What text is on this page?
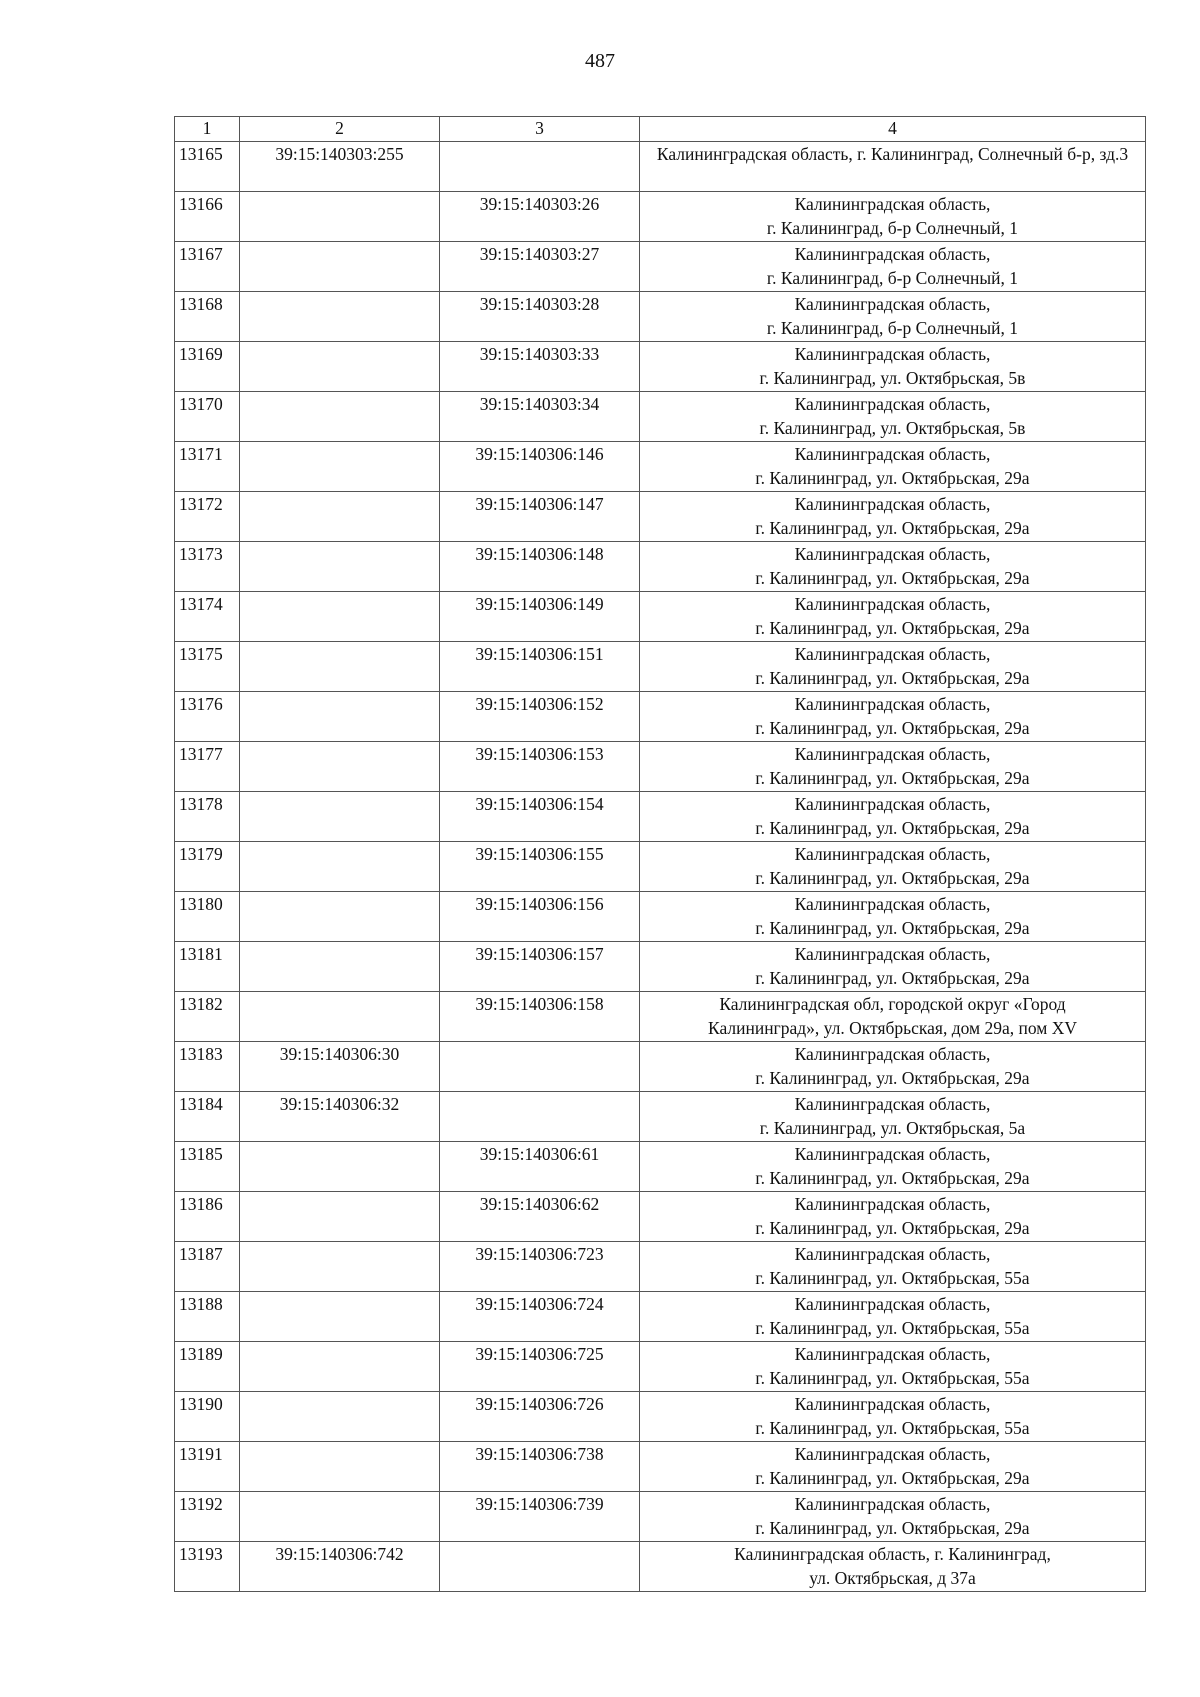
487
1	2	3	4
13165	39:15:140303:255		Калининградская область, г. Калининград, Солнечный б-р, зд.3
13166		39:15:140303:26	Калининградская область,
г. Калининград, б-р Солнечный, 1
13167		39:15:140303:27	Калининградская область,
г. Калининград, б-р Солнечный, 1
13168		39:15:140303:28	Калининградская область,
г. Калининград, б-р Солнечный, 1
13169		39:15:140303:33	Калининградская область,
г. Калининград, ул. Октябрьская, 5в
13170		39:15:140303:34	Калининградская область,
г. Калининград, ул. Октябрьская, 5в
13171		39:15:140306:146	Калининградская область,
г. Калининград, ул. Октябрьская, 29а
13172		39:15:140306:147	Калининградская область,
г. Калининград, ул. Октябрьская, 29а
13173		39:15:140306:148	Калининградская область,
г. Калининград, ул. Октябрьская, 29а
13174		39:15:140306:149	Калининградская область,
г. Калининград, ул. Октябрьская, 29а
13175		39:15:140306:151	Калининградская область,
г. Калининград, ул. Октябрьская, 29а
13176		39:15:140306:152	Калининградская область,
г. Калининград, ул. Октябрьская, 29а
13177		39:15:140306:153	Калининградская область,
г. Калининград, ул. Октябрьская, 29а
13178		39:15:140306:154	Калининградская область,
г. Калининград, ул. Октябрьская, 29а
13179		39:15:140306:155	Калининградская область,
г. Калининград, ул. Октябрьская, 29а
13180		39:15:140306:156	Калининградская область,
г. Калининград, ул. Октябрьская, 29а
13181		39:15:140306:157	Калининградская область,
г. Калининград, ул. Октябрьская, 29а
13182		39:15:140306:158	Калининградская обл, городской округ «Город
Калининград», ул. Октябрьская, дом 29а, пом XV
13183	39:15:140306:30		Калининградская область,
г. Калининград, ул. Октябрьская, 29а
13184	39:15:140306:32		Калининградская область,
г. Калининград, ул. Октябрьская, 5а
13185		39:15:140306:61	Калининградская область,
г. Калининград, ул. Октябрьская, 29а
13186		39:15:140306:62	Калининградская область,
г. Калининград, ул. Октябрьская, 29а
13187		39:15:140306:723	Калининградская область,
г. Калининград, ул. Октябрьская, 55а
13188		39:15:140306:724	Калининградская область,
г. Калининград, ул. Октябрьская, 55а
13189		39:15:140306:725	Калининградская область,
г. Калининград, ул. Октябрьская, 55а
13190		39:15:140306:726	Калининградская область,
г. Калининград, ул. Октябрьская, 55а
13191		39:15:140306:738	Калининградская область,
г. Калининград, ул. Октябрьская, 29а
13192		39:15:140306:739	Калининградская область,
г. Калининград, ул. Октябрьская, 29а
13193	39:15:140306:742		Калининградская область, г. Калининград,
ул. Октябрьская, д 37а
